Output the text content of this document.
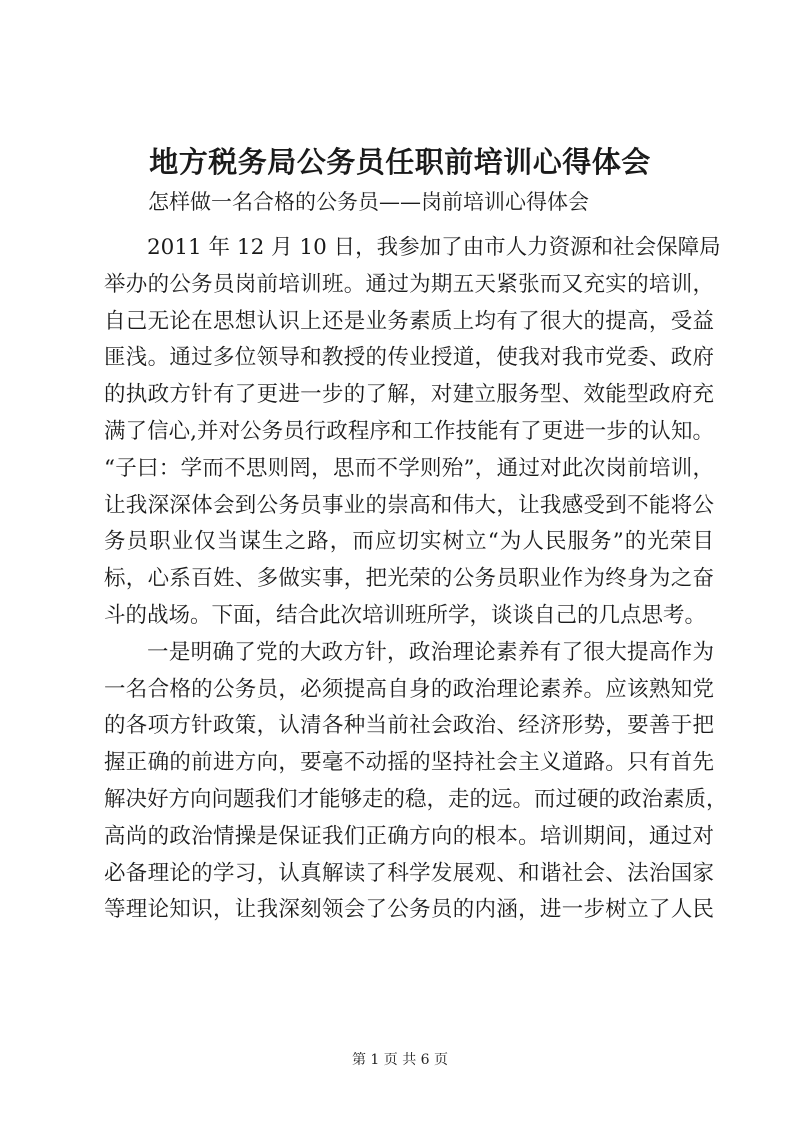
地方税务局公务员任职前培训心得体会

怎样做一名合格的公务员——岗前培训心得体会

2011 年 12 月 10 日，我参加了由市人力资源和社会保障局
举办的公务员岗前培训班。通过为期五天紧张而又充实的培训，
自己无论在思想认识上还是业务素质上均有了很大的提高，受益
匪浅。通过多位领导和教授的传业授道，使我对我市党委、政府
的执政方针有了更进一步的了解，对建立服务型、效能型政府充
满了信心,并对公务员行政程序和工作技能有了更进一步的认知。
“子曰：学而不思则罔，思而不学则殆”，通过对此次岗前培训，
让我深深体会到公务员事业的崇高和伟大，让我感受到不能将公
务员职业仅当谋生之路，而应切实树立“为人民服务”的光荣目
标，心系百姓、多做实事，把光荣的公务员职业作为终身为之奋
斗的战场。下面，结合此次培训班所学，谈谈自己的几点思考。
一是明确了党的大政方针，政治理论素养有了很大提高作为
一名合格的公务员，必须提高自身的政治理论素养。应该熟知党
的各项方针政策，认清各种当前社会政治、经济形势，要善于把
握正确的前进方向，要毫不动摇的坚持社会主义道路。只有首先
解决好方向问题我们才能够走的稳，走的远。而过硬的政治素质，
高尚的政治情操是保证我们正确方向的根本。培训期间，通过对
必备理论的学习，认真解读了科学发展观、和谐社会、法治国家
等理论知识，让我深刻领会了公务员的内涵，进一步树立了人民

第 1 页 共 6 页
